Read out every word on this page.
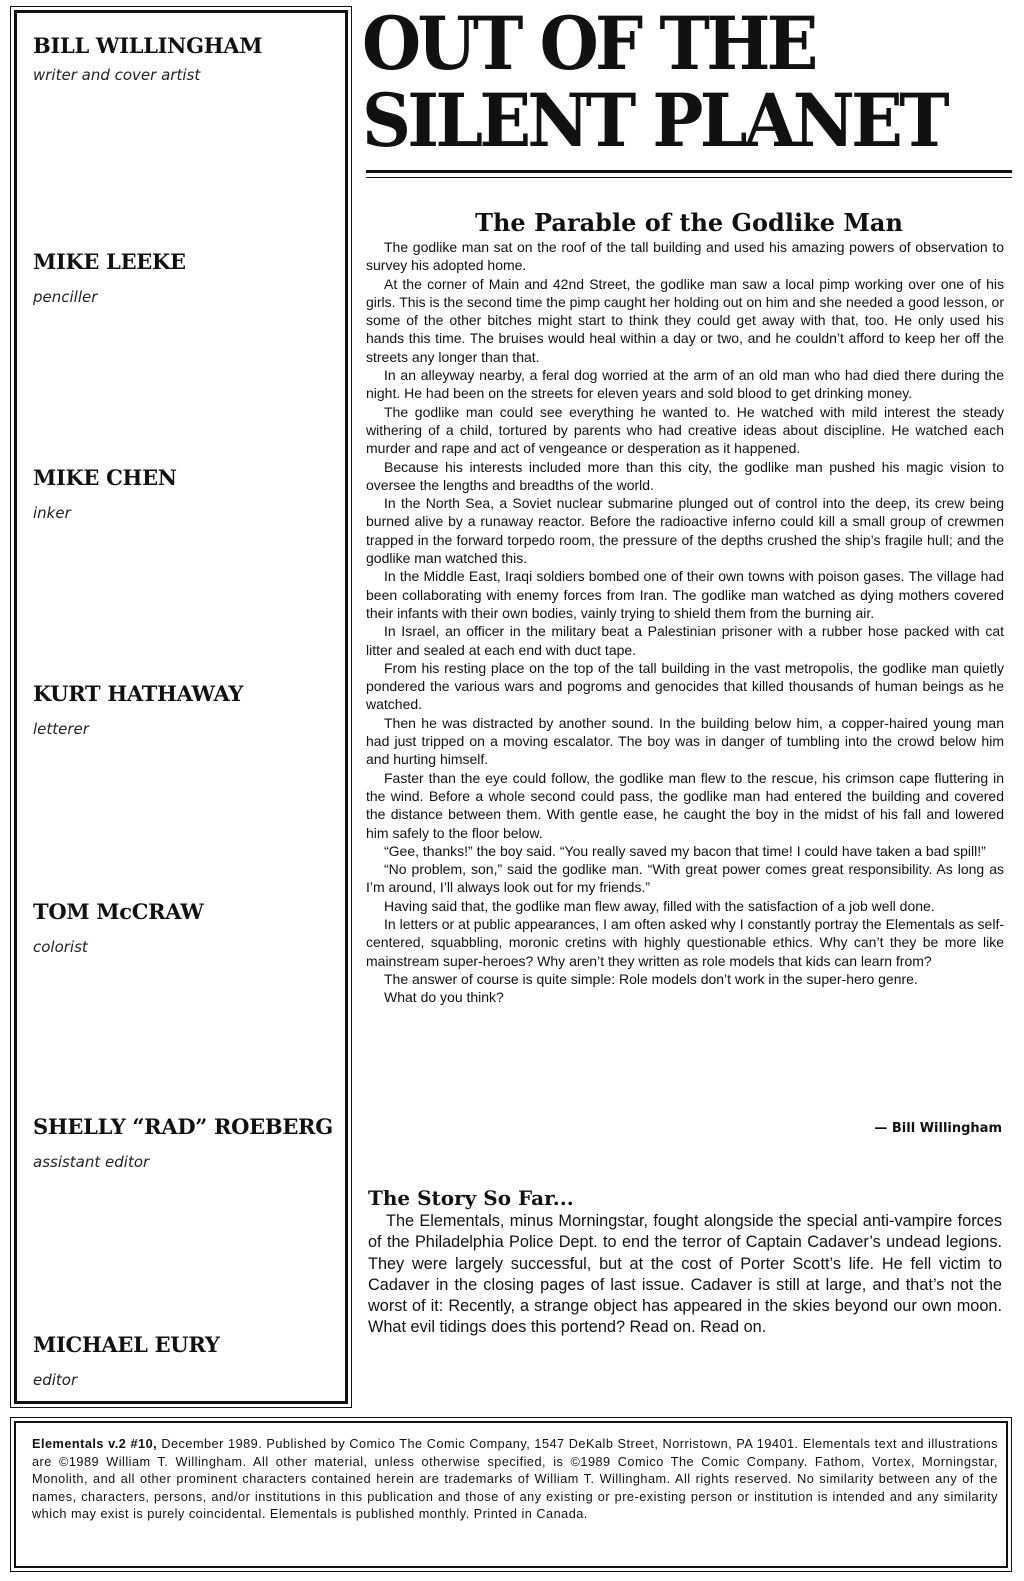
BILL WILLINGHAM
writer and cover artist
MIKE LEEKE
penciller
MIKE CHEN
inker
KURT HATHAWAY
letterer
TOM McCRAW
colorist
SHELLY “RAD” ROEBERG
assistant editor
MICHAEL EURY
editor
OUT OF THE
SILENT PLANET
The Parable of the Godlike Man

The godlike man sat on the roof of the tall building and used his amazing powers of observation to survey his adopted home.

At the corner of Main and 42nd Street, the godlike man saw a local pimp working over one of his girls. This is the second time the pimp caught her holding out on him and she needed a good lesson, or some of the other bitches might start to think they could get away with that, too. He only used his hands this time. The bruises would heal within a day or two, and he couldn’t afford to keep her off the streets any longer than that.

In an alleyway nearby, a feral dog worried at the arm of an old man who had died there during the night. He had been on the streets for eleven years and sold blood to get drinking money.

The godlike man could see everything he wanted to. He watched with mild interest the steady withering of a child, tortured by parents who had creative ideas about discipline. He watched each murder and rape and act of vengeance or desperation as it happened.

Because his interests included more than this city, the godlike man pushed his magic vision to oversee the lengths and breadths of the world.

In the North Sea, a Soviet nuclear submarine plunged out of control into the deep, its crew being burned alive by a runaway reactor. Before the radioactive inferno could kill a small group of crewmen trapped in the forward torpedo room, the pressure of the depths crushed the ship’s fragile hull; and the godlike man watched this.

In the Middle East, Iraqi soldiers bombed one of their own towns with poison gases. The village had been collaborating with enemy forces from Iran. The godlike man watched as dying mothers covered their infants with their own bodies, vainly trying to shield them from the burning air.

In Israel, an officer in the military beat a Palestinian prisoner with a rubber hose packed with cat litter and sealed at each end with duct tape.

From his resting place on the top of the tall building in the vast metropolis, the godlike man quietly pondered the various wars and pogroms and genocides that killed thousands of human beings as he watched.

Then he was distracted by another sound. In the building below him, a copper-haired young man had just tripped on a moving escalator. The boy was in danger of tumbling into the crowd below him and hurting himself.

Faster than the eye could follow, the godlike man flew to the rescue, his crimson cape fluttering in the wind. Before a whole second could pass, the godlike man had entered the building and covered the distance between them. With gentle ease, he caught the boy in the midst of his fall and lowered him safely to the floor below.

“Gee, thanks!” the boy said. “You really saved my bacon that time! I could have taken a bad spill!”

“No problem, son,” said the godlike man. “With great power comes great responsibility. As long as I’m around, I’ll always look out for my friends.”

Having said that, the godlike man flew away, filled with the satisfaction of a job well done.

In letters or at public appearances, I am often asked why I constantly portray the Elementals as self-centered, squabbling, moronic cretins with highly questionable ethics. Why can’t they be more like mainstream super-heroes? Why aren’t they written as role models that kids can learn from?

The answer of course is quite simple: Role models don’t work in the super-hero genre.

What do you think?

— Bill Willingham
The Story So Far...

The Elementals, minus Morningstar, fought alongside the special anti-vampire forces of the Philadelphia Police Dept. to end the terror of Captain Cadaver’s undead legions. They were largely successful, but at the cost of Porter Scott’s life. He fell victim to Cadaver in the closing pages of last issue. Cadaver is still at large, and that’s not the worst of it: Recently, a strange object has appeared in the skies beyond our own moon. What evil tidings does this portend? Read on. Read on.

Elementals v.2 #10, December 1989. Published by Comico The Comic Company, 1547 DeKalb Street, Norristown, PA 19401. Elementals text and illustrations are ©1989 William T. Willingham. All other material, unless otherwise specified, is ©1989 Comico The Comic Company. Fathom, Vortex, Morningstar, Monolith, and all other prominent characters contained herein are trademarks of William T. Willingham. All rights reserved. No similarity between any of the names, characters, persons, and/or institutions in this publication and those of any existing or pre-existing person or institution is intended and any similarity which may exist is purely coincidental. Elementals is published monthly. Printed in Canada.
